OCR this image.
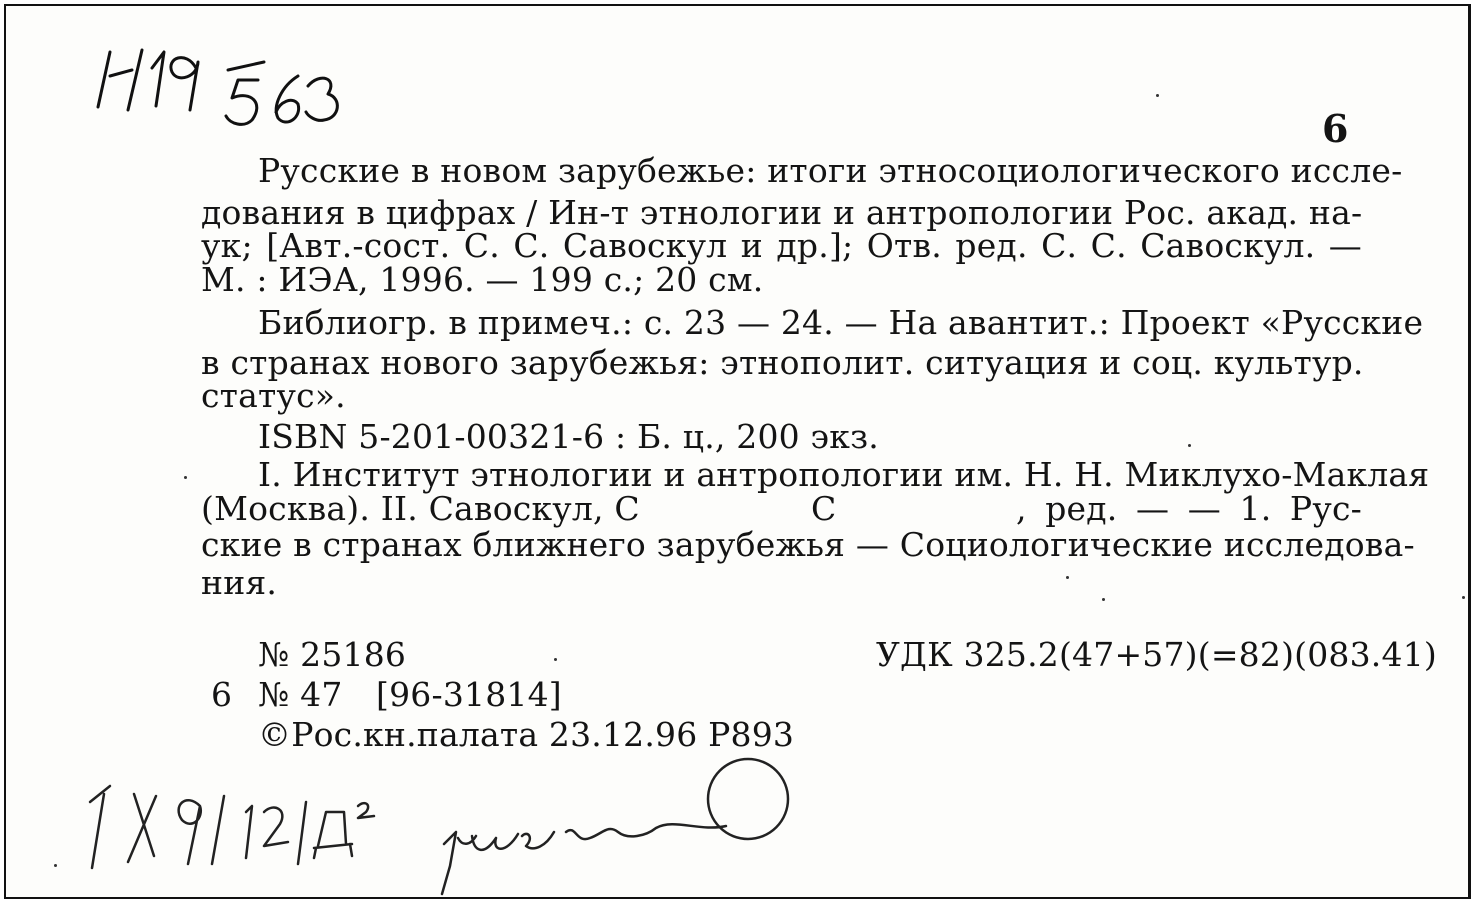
6
Русские в новом зарубежье: итоги этносоциологического иссле-
дования в цифрах / Ин-т этнологии и антропологии Рос. акад. на-
ук; [Авт.-сост. С. С. Савоскул и др.]; Отв. ред. С. С. Савоскул. —
М. : ИЭА, 1996. — 199 с.; 20 см.
Библиогр. в примеч.: с. 23 — 24. — На авантит.: Проект «Русские
в странах нового зарубежья: этнополит. ситуация и соц. культур.
статус».
ISBN 5-201-00321-6 : Б. ц., 200 экз.
I. Институт этнологии и антропологии им. Н. Н. Миклухо-Маклая
(Москва). II. Савоскул, С	С	, ред. — — 1. Рус-
ские в странах ближнего зарубежья — Социологические исследова-
ния.
№ 25186	УДК 325.2(47+57)(=82)(083.41)
6 № 47 [96-31814]
©Рос.кн.палата 23.12.96 Р893
